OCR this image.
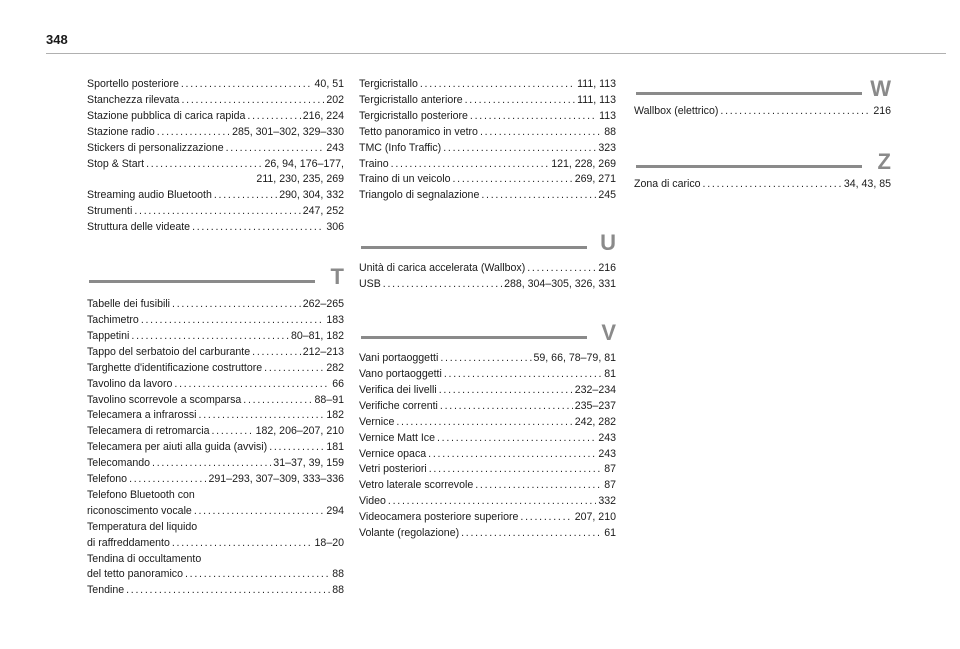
348
Sportello posteriore . . .	40, 51
Stanchezza rilevata . . .	202
Stazione pubblica di carica rapida . . .	216, 224
Stazione radio . . .	285, 301–302, 329–330
Stickers di personalizzazione . . .	243
Stop & Start . . .	26, 94, 176–177,
211, 230, 235, 269
Streaming audio Bluetooth . . .	290, 304, 332
Strumenti . . .	247, 252
Struttura delle videate . . .	306
T
Tabelle dei fusibili . . .	262–265
Tachimetro . . .	183
Tappetini . . .	80–81, 182
Tappo del serbatoio del carburante . . .	212–213
Targhette d'identificazione costruttore . . .	282
Tavolino da lavoro . . .	66
Tavolino scorrevole a scomparsa . . .	88–91
Telecamera a infrarossi . . .	182
Telecamera di retromarcia . . .	182, 206–207, 210
Telecamera per aiuti alla guida (avvisi) . . .	181
Telecomando . . .	31–37, 39, 159
Telefono . . .	291–293, 307–309, 333–336
Telefono Bluetooth con
riconoscimento vocale . . .	294
Temperatura del liquido
di raffreddamento . . .	18–20
Tendina di occultamento
del tetto panoramico . . .	88
Tendine . . .	88
Tergicristallo . . .	111, 113
Tergicristallo anteriore . . .	111, 113
Tergicristallo posteriore . . .	113
Tetto panoramico in vetro . . .	88
TMC (Info Traffic) . . .	323
Traino . . .	121, 228, 269
Traino di un veicolo . . .	269, 271
Triangolo di segnalazione . . .	245
U
Unità di carica accelerata (Wallbox) . . .	216
USB . . .	288, 304–305, 326, 331
V
Vani portaoggetti . . .	59, 66, 78–79, 81
Vano portaoggetti . . .	81
Verifica dei livelli . . .	232–234
Verifiche correnti . . .	235–237
Vernice . . .	242, 282
Vernice Matt Ice . . .	243
Vernice opaca . . .	243
Vetri posteriori . . .	87
Vetro laterale scorrevole . . .	87
Video . . .	332
Videocamera posteriore superiore . . .	207, 210
Volante (regolazione) . . .	61
W
Wallbox (elettrico) . . .	216
Z
Zona di carico . . .	34, 43, 85
